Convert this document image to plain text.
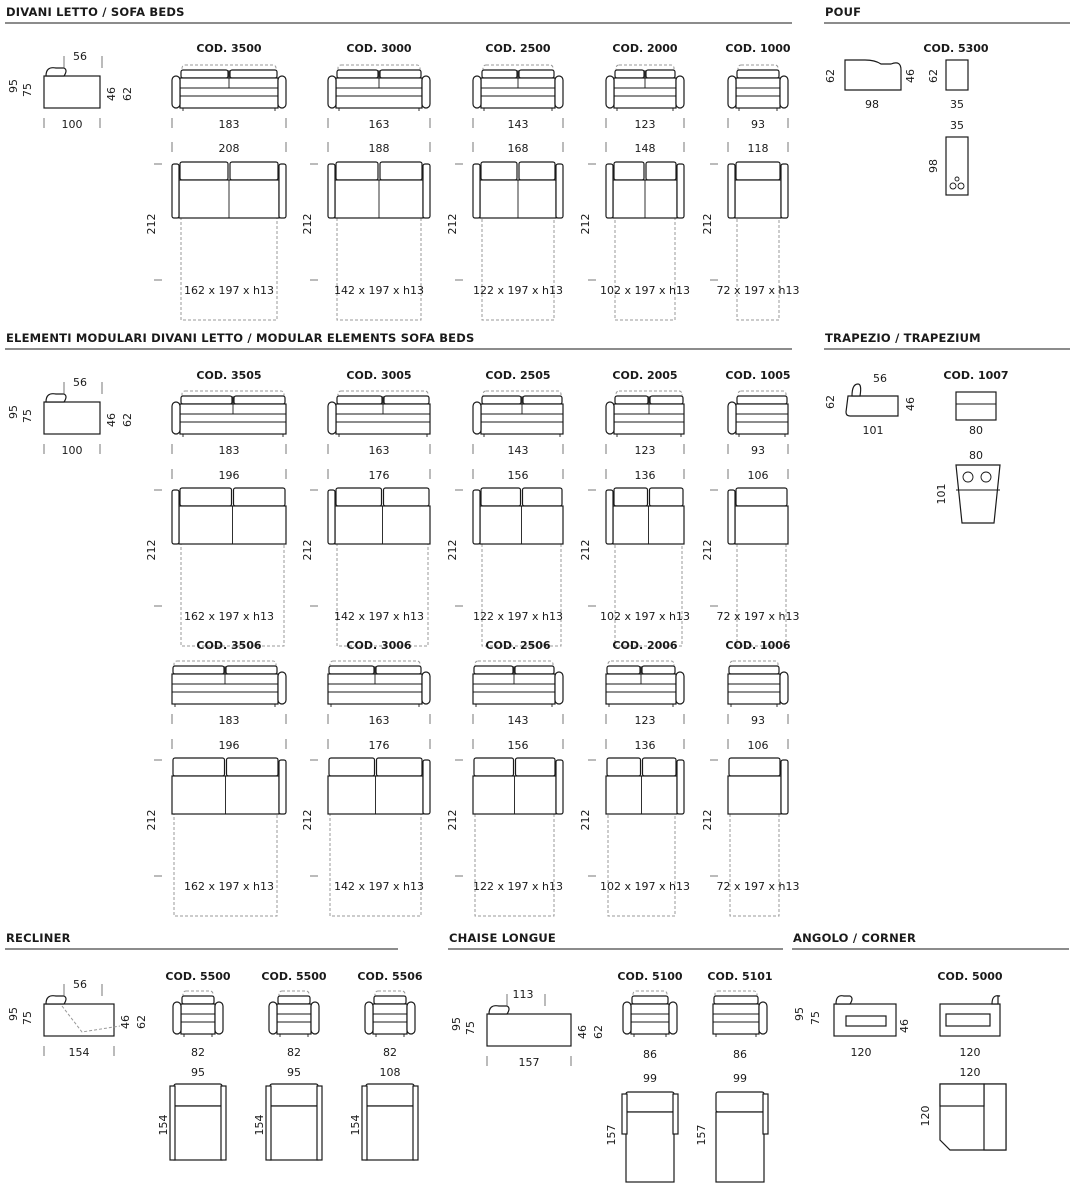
DIVANI LETTO / SOFA BEDS
56
95 75	46 62
100
COD. 3500
183
208
212
162 x 197 x h13
COD. 3000
163
188
212
142 x 197 x h13
COD. 2500
143
168
212
122 x 197 x h13
COD. 2000
123
148
212
102 x 197 x h13
COD. 1000
93
118
212
72 x 197 x h13
POUF
62	46
98
COD. 5300
62
35
35
98
ELEMENTI MODULARI DIVANI LETTO / MODULAR ELEMENTS SOFA BEDS
56
95 75	46 62
100
COD. 3505
183
196
212
162 x 197 x h13
COD. 3005
163
176
212
142 x 197 x h13
COD. 2505
143
156
212
122 x 197 x h13
COD. 2005
123
136
212
102 x 197 x h13
COD. 1005
93
106
212
72 x 197 x h13
COD. 3506
183
196
212
162 x 197 x h13
COD. 3006
163
176
212
142 x 197 x h13
COD. 2506
143
156
212
122 x 197 x h13
COD. 2006
123
136
212
102 x 197 x h13
COD. 1006
93
106
212
72 x 197 x h13
TRAPEZIO / TRAPEZIUM
56
62	46
101
COD. 1007
80
80
101
RECLINER
56
95 75	46 62
154
COD. 5500
82
95
154
COD. 5500
82
95
154
COD. 5506
82
108
154
CHAISE LONGUE
113
95 75	46 62
157
COD. 5100
86
99
157
COD. 5101
86
99
157
ANGOLO / CORNER
95 75
46
120
COD. 5000
120
120
120
